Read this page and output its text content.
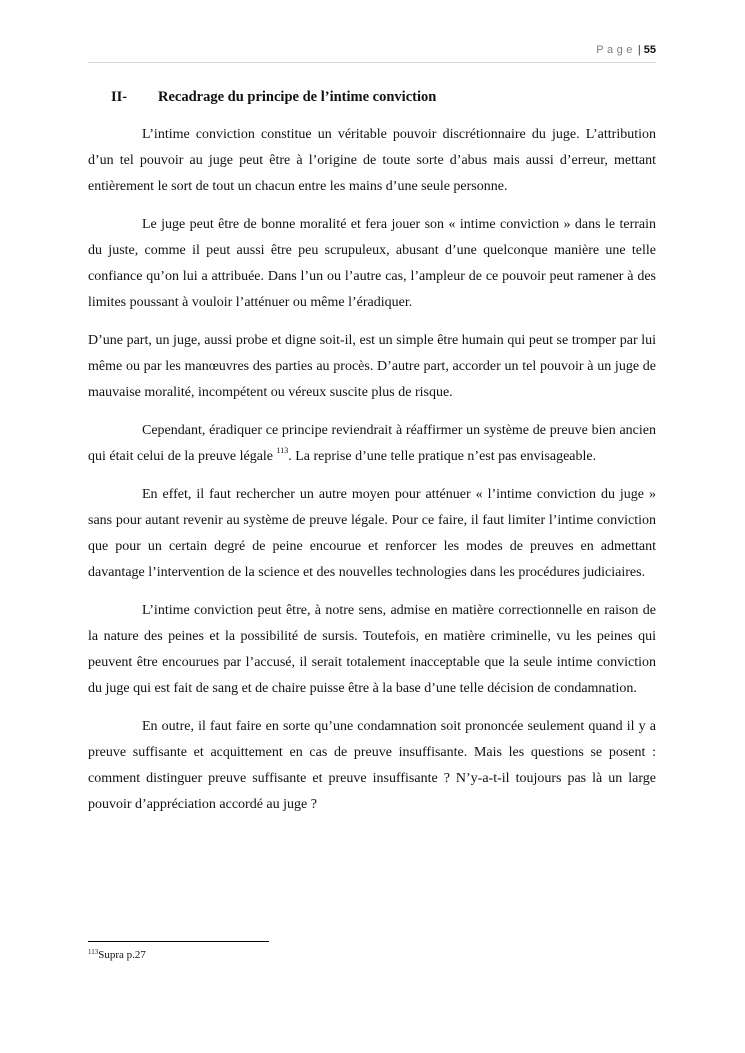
Page | 55
II- Recadrage du principe de l’intime conviction

L’intime conviction constitue un véritable pouvoir discrétionnaire du juge. L’attribution d’un tel pouvoir au juge peut être à l’origine de toute sorte d’abus mais aussi d’erreur, mettant entièrement le sort de tout un chacun entre les mains d’une seule personne.

Le juge peut être de bonne moralité et fera jouer son « intime conviction » dans le terrain du juste, comme il peut aussi être peu scrupuleux, abusant d’une quelconque manière une telle confiance qu’on lui a attribuée. Dans l’un ou l’autre cas, l’ampleur de ce pouvoir peut ramener à des limites poussant à vouloir l’atténuer ou même l’éradiquer.

D’une part, un juge, aussi probe et digne soit-il, est un simple être humain qui peut se tromper par lui même ou par les manœuvres des parties au procès. D’autre part, accorder un tel pouvoir à un juge de mauvaise moralité, incompétent ou véreux suscite plus de risque.

Cependant, éradiquer ce principe reviendrait à réaffirmer un système de preuve bien ancien qui était celui de la preuve légale $^{113}$. La reprise d’une telle pratique n’est pas envisageable.

En effet, il faut rechercher un autre moyen pour atténuer « l’intime conviction du juge » sans pour autant revenir au système de preuve légale. Pour ce faire, il faut limiter l’intime conviction que pour un certain degré de peine encourue et renforcer les modes de preuves en admettant davantage l’intervention de la science et des nouvelles technologies dans les procédures judiciaires.

L’intime conviction peut être, à notre sens, admise en matière correctionnelle en raison de la nature des peines et la possibilité de sursis. Toutefois, en matière criminelle, vu les peines qui peuvent être encourues par l’accusé, il serait totalement inacceptable que la seule intime conviction du juge qui est fait de sang et de chaire puisse être à la base d’une telle décision de condamnation.

En outre, il faut faire en sorte qu’une condamnation soit prononcée seulement quand il y a preuve suffisante et acquittement en cas de preuve insuffisante. Mais les questions se posent : comment distinguer preuve suffisante et preuve insuffisante ? N’y-a-t-il toujours pas là un large pouvoir d’appréciation accordé au juge ?

$^{113}$Supra p.27
